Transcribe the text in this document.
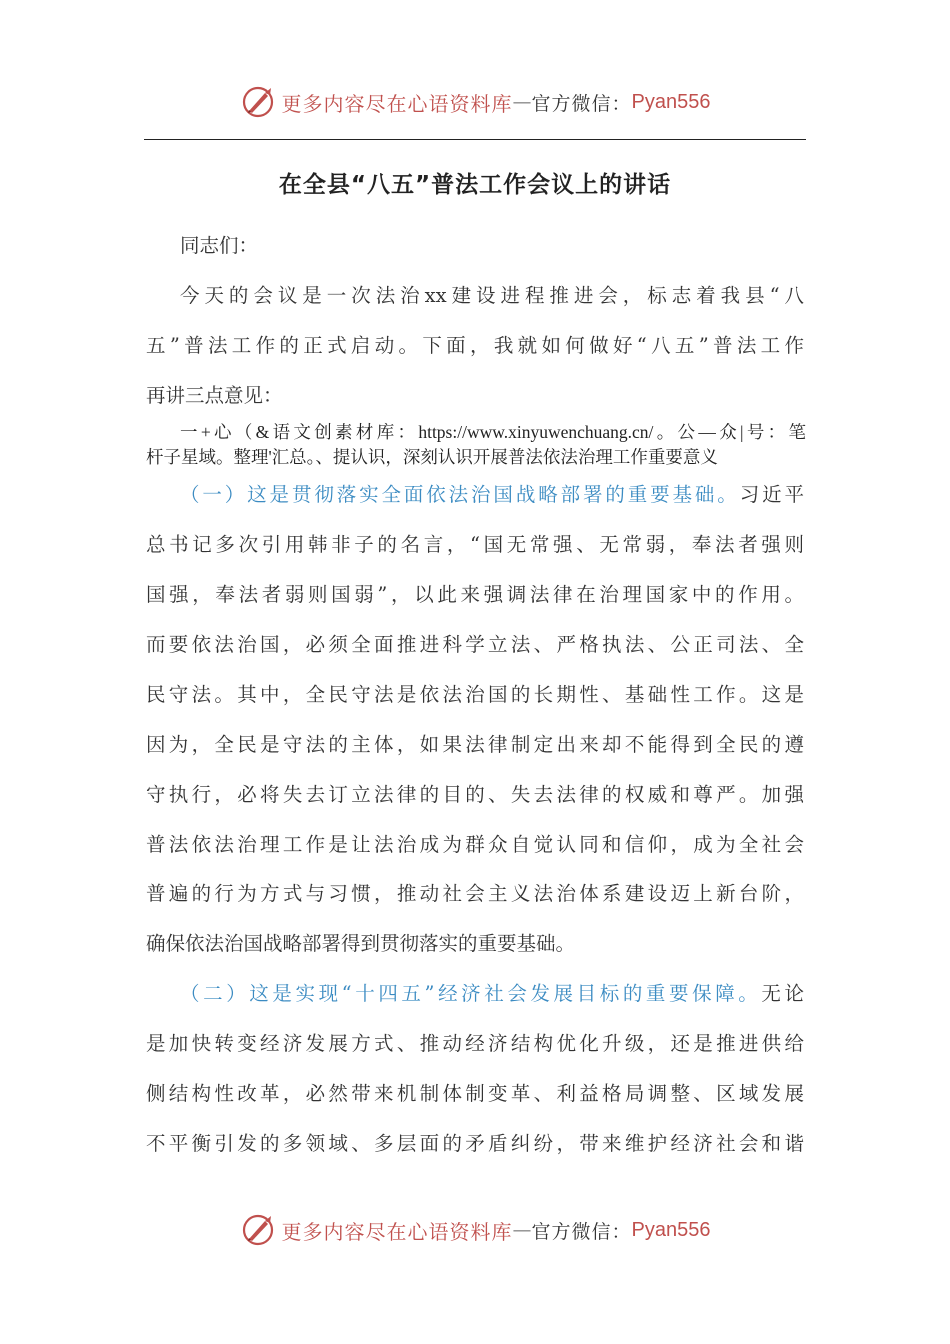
更多内容尽在心语资料库 — 官方微信： Pyan556
在全县“八五”普法工作会议上的讲话
同志们：
今天的会议是一次法治xx建设进程推进会，标志着我县“八
五”普法工作的正式启动。下面，我就如何做好“八五”普法工作
再讲三点意见：
一+心（&语文创素材库：https://www.xinyuwenchuang.cn/。公—众|号：笔
杆子星域。整理'汇总。、提认识，深刻认识开展普法依法治理工作重要意义
（一）这是贯彻落实全面依法治国战略部署的重要基础。习近平
总书记多次引用韩非子的名言，“国无常强、无常弱，奉法者强则
国强，奉法者弱则国弱”，以此来强调法律在治理国家中的作用。
而要依法治国，必须全面推进科学立法、严格执法、公正司法、全
民守法。其中，全民守法是依法治国的长期性、基础性工作。这是
因为，全民是守法的主体，如果法律制定出来却不能得到全民的遵
守执行，必将失去订立法律的目的、失去法律的权威和尊严。加强
普法依法治理工作是让法治成为群众自觉认同和信仰，成为全社会
普遍的行为方式与习惯，推动社会主义法治体系建设迈上新台阶，
确保依法治国战略部署得到贯彻落实的重要基础。
（二）这是实现“十四五”经济社会发展目标的重要保障。无论
是加快转变经济发展方式、推动经济结构优化升级，还是推进供给
侧结构性改革，必然带来机制体制变革、利益格局调整、区域发展
不平衡引发的多领域、多层面的矛盾纠纷，带来维护经济社会和谐
更多内容尽在心语资料库 — 官方微信： Pyan556
